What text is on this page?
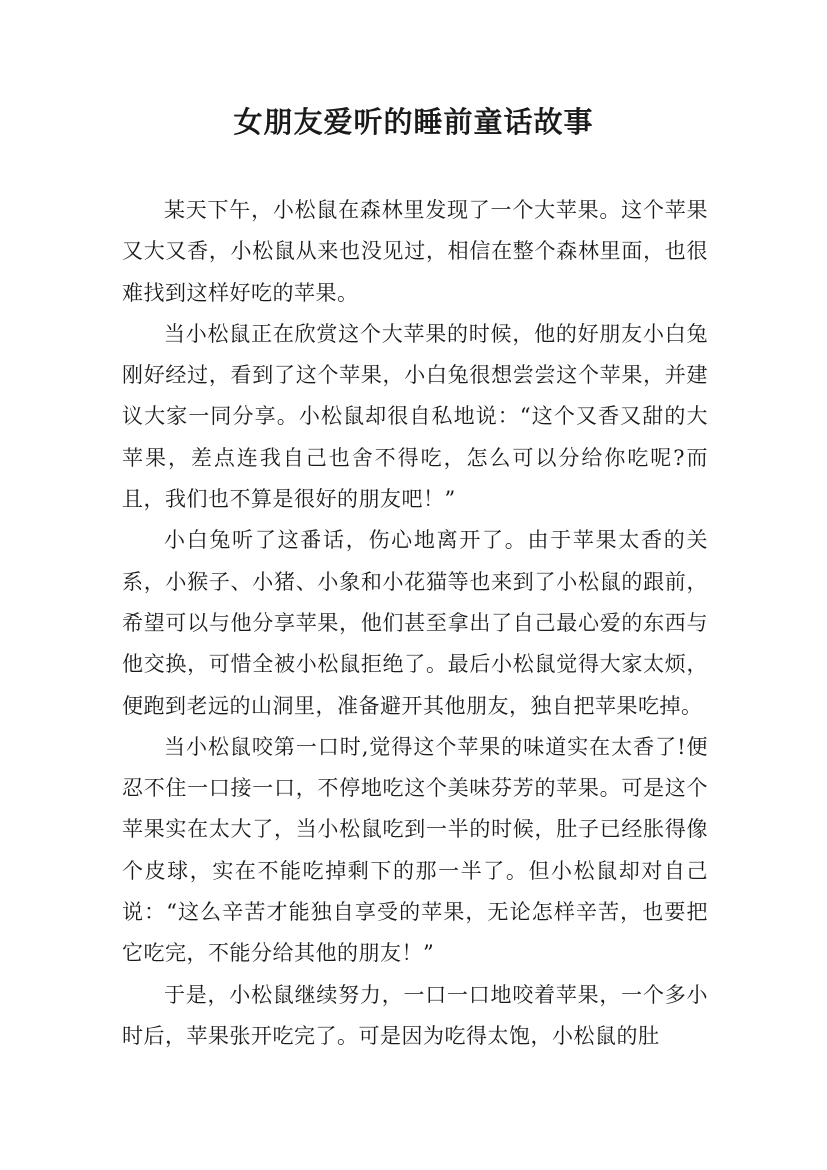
女朋友爱听的睡前童话故事

某天下午，小松鼠在森林里发现了一个大苹果。这个苹果又大又香，小松鼠从来也没见过，相信在整个森林里面，也很难找到这样好吃的苹果。

当小松鼠正在欣赏这个大苹果的时候，他的好朋友小白兔刚好经过，看到了这个苹果，小白兔很想尝尝这个苹果，并建议大家一同分享。小松鼠却很自私地说：“这个又香又甜的大苹果，差点连我自己也舍不得吃，怎么可以分给你吃呢?而且，我们也不算是很好的朋友吧！”

小白兔听了这番话，伤心地离开了。由于苹果太香的关系，小猴子、小猪、小象和小花猫等也来到了小松鼠的跟前，希望可以与他分享苹果，他们甚至拿出了自己最心爱的东西与他交换，可惜全被小松鼠拒绝了。最后小松鼠觉得大家太烦，便跑到老远的山洞里，准备避开其他朋友，独自把苹果吃掉。

当小松鼠咬第一口时,觉得这个苹果的味道实在太香了!便忍不住一口接一口，不停地吃这个美味芬芳的苹果。可是这个苹果实在太大了，当小松鼠吃到一半的时候，肚子已经胀得像个皮球，实在不能吃掉剩下的那一半了。但小松鼠却对自己说：“这么辛苦才能独自享受的苹果，无论怎样辛苦，也要把它吃完，不能分给其他的朋友！”

于是，小松鼠继续努力，一口一口地咬着苹果，一个多小时后，苹果张开吃完了。可是因为吃得太饱，小松鼠的肚
